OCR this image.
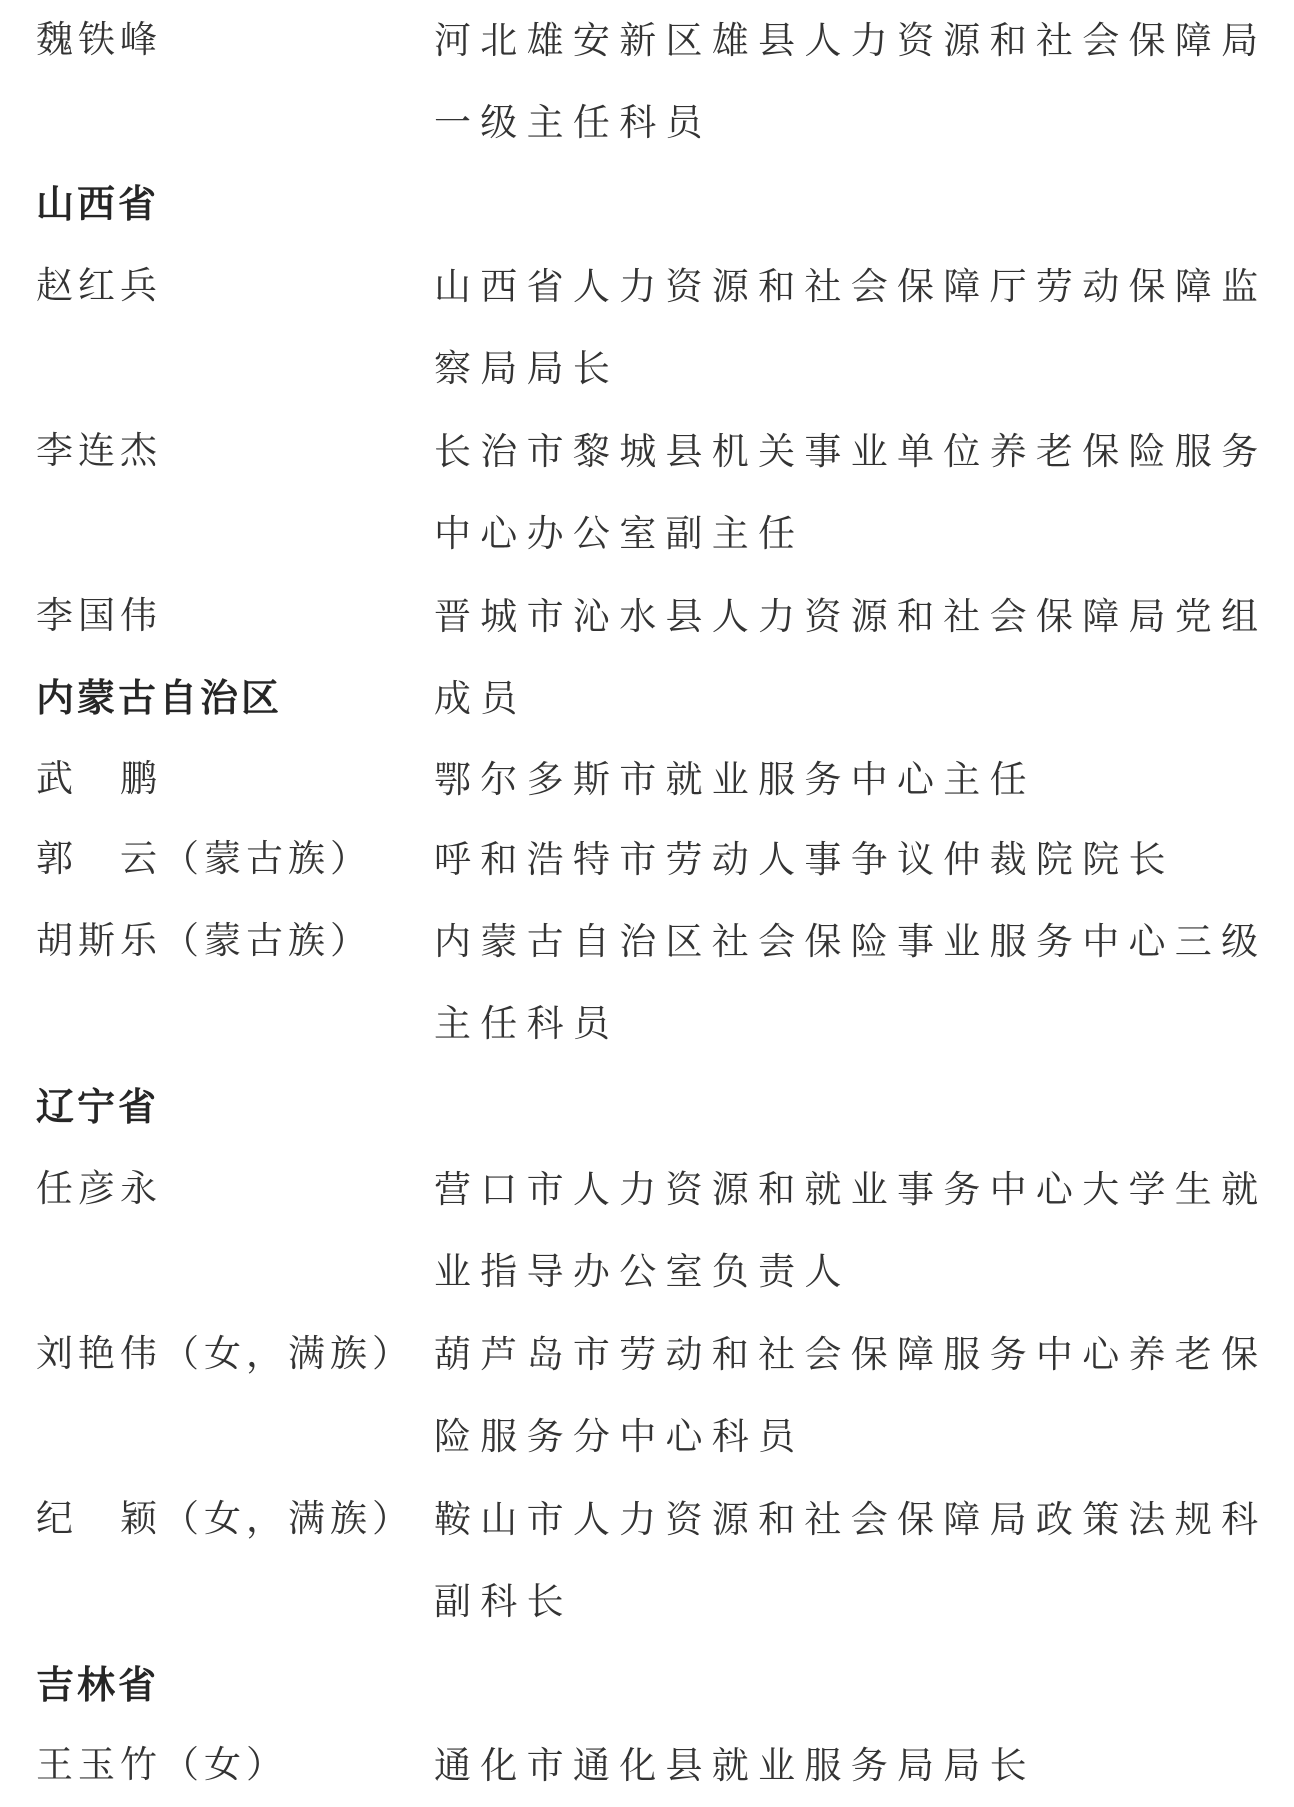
魏铁峰	河北雄安新区雄县人力资源和社会保障局一级主任科员
山西省
赵红兵	山西省人力资源和社会保障厅劳动保障监察局局长
李连杰	长治市黎城县机关事业单位养老保险服务中心办公室副主任
李国伟	晋城市沁水县人力资源和社会保障局党组成员
内蒙古自治区
武　鹏	鄂尔多斯市就业服务中心主任
郭　云（蒙古族） 呼和浩特市劳动人事争议仲裁院院长
胡斯乐（蒙古族） 内蒙古自治区社会保险事业服务中心三级主任科员
辽宁省
任彦永	营口市人力资源和就业事务中心大学生就业指导办公室负责人
刘艳伟（女，满族） 葫芦岛市劳动和社会保障服务中心养老保险服务分中心科员
纪　颖（女，满族） 鞍山市人力资源和社会保障局政策法规科副科长
吉林省
王玉竹（女）	通化市通化县就业服务局局长
